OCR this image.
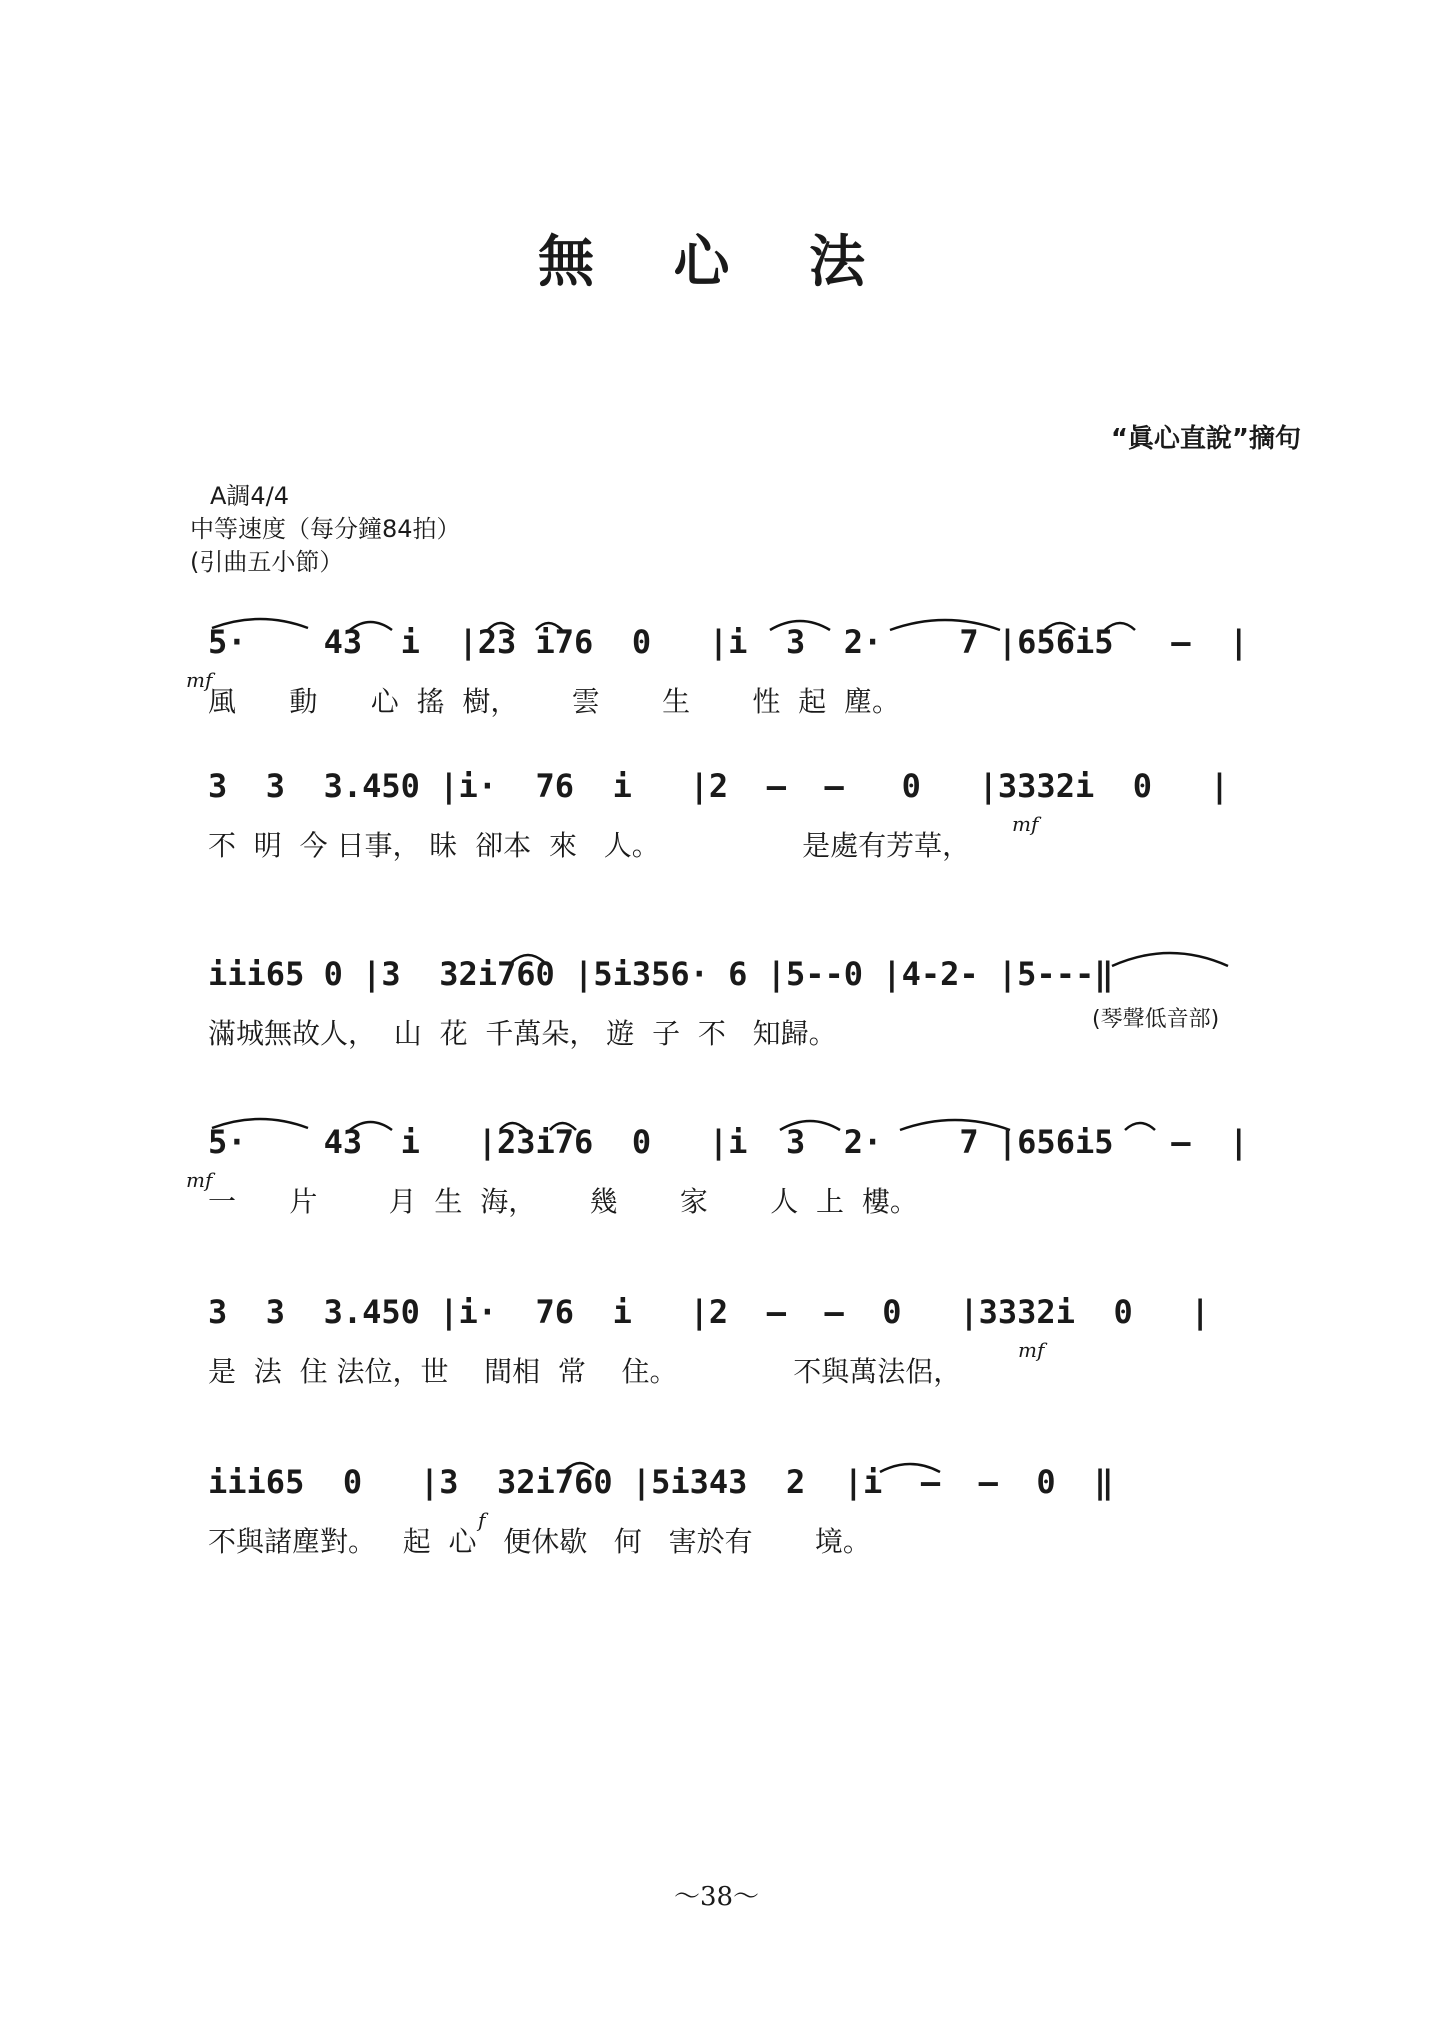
無 心 法
“眞心直說”摘句
A調4/4
中等速度（每分鐘84拍）
(引曲五小節）
5·    43  i  |23 i76  0   |i  3  2·    7 |656i5   —  |
mf
風      動      心  搖  樹，      雲       生       性  起  塵。
3  3  3.450 |i·  76  i   |2  —  —   0   |3332i  0   |
mf
不  明  今 日事， 昧  卻本  來   人。                是處有芳草，
iii65 0 |3  32i760 |5i356· 6 |5--0 |4-2- |5---‖
(琴聲低音部)
滿城無故人，  山  花  千萬朵， 遊  子  不   知歸。
5·    43  i   |23i76  0   |i  3  2·    7 |656i5   —  |
mf
一      片        月  生  海，      幾       家       人  上  樓。
3  3  3.450 |i·  76  i   |2  —  —  0   |3332i  0   |
mf
是  法  住 法位，世    間相  常    住。             不與萬法侶，
iii65  0   |3  32i760 |5i343  2  |i  —  —  0  ‖
f
不與諸塵對。   起  心   便休歇   何   害於有       境。
～38～
